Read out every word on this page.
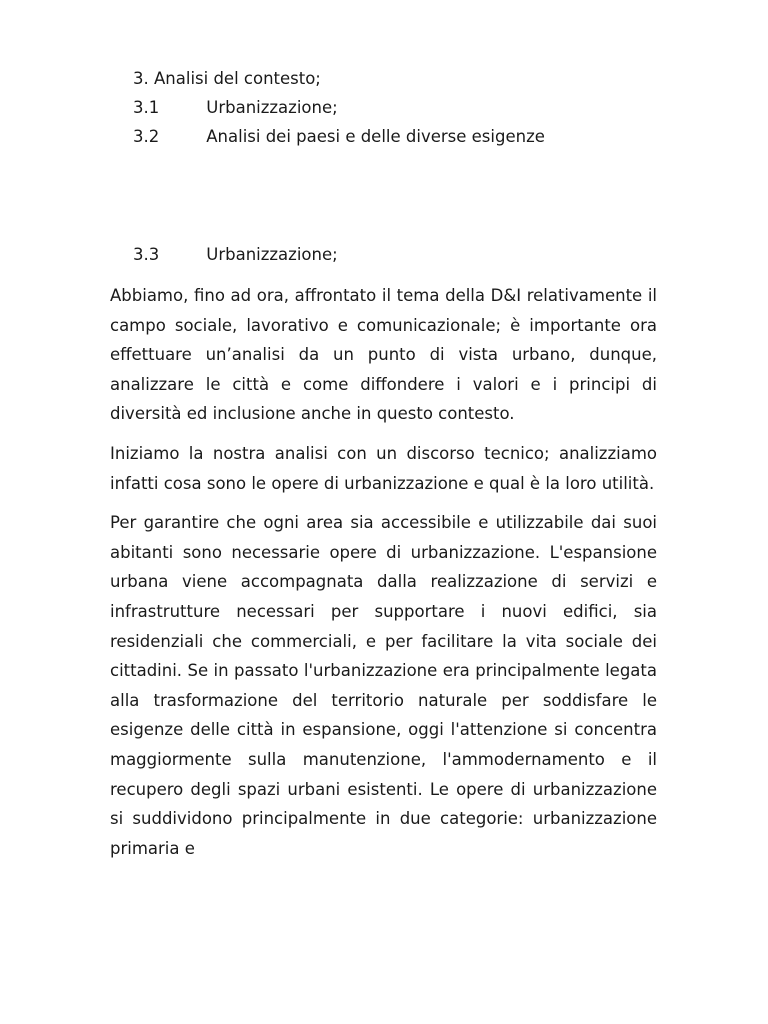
3. Analisi del contesto;
3.1	Urbanizzazione;
3.2	Analisi dei paesi e delle diverse esigenze
3.3	Urbanizzazione;

Abbiamo, fino ad ora, affrontato il tema della D&I relativamente il campo sociale, lavorativo e comunicazionale; è importante ora effettuare un’analisi da un punto di vista urbano, dunque, analizzare le città e come diffondere i valori e i principi di diversità ed inclusione anche in questo contesto.

Iniziamo la nostra analisi con un discorso tecnico; analizziamo infatti cosa sono le opere di urbanizzazione e qual è la loro utilità.

Per garantire che ogni area sia accessibile e utilizzabile dai suoi abitanti sono necessarie opere di urbanizzazione. L'espansione urbana viene accompagnata dalla realizzazione di servizi e infrastrutture necessari per supportare i nuovi edifici, sia residenziali che commerciali, e per facilitare la vita sociale dei cittadini. Se in passato l'urbanizzazione era principalmente legata alla trasformazione del territorio naturale per soddisfare le esigenze delle città in espansione, oggi l'attenzione si concentra maggiormente sulla manutenzione, l'ammodernamento e il recupero degli spazi urbani esistenti. Le opere di urbanizzazione si suddividono principalmente in due categorie: urbanizzazione primaria e
